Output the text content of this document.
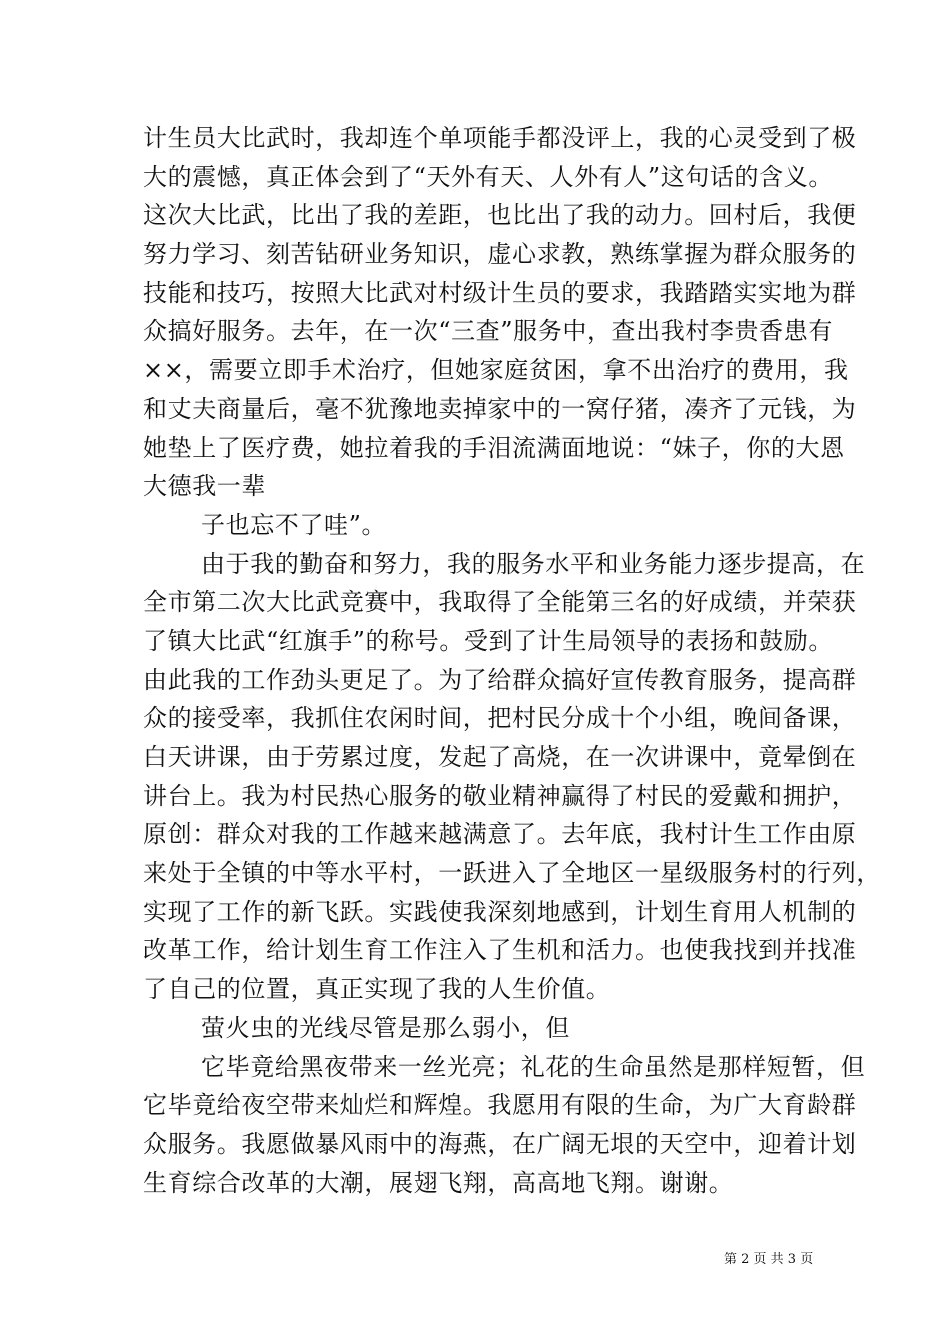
计生员大比武时，我却连个单项能手都没评上，我的心灵受到了极
大的震憾，真正体会到了“天外有天、人外有人”这句话的含义。
这次大比武，比出了我的差距，也比出了我的动力。回村后，我便
努力学习、刻苦钻研业务知识，虚心求教，熟练掌握为群众服务的
技能和技巧，按照大比武对村级计生员的要求，我踏踏实实地为群
众搞好服务。去年，在一次“三查”服务中，查出我村李贵香患有
××，需要立即手术治疗，但她家庭贫困，拿不出治疗的费用，我
和丈夫商量后，毫不犹豫地卖掉家中的一窝仔猪，凑齐了元钱，为
她垫上了医疗费，她拉着我的手泪流满面地说：“妹子，你的大恩
大德我一辈
子也忘不了哇”。
由于我的勤奋和努力，我的服务水平和业务能力逐步提高，在
全市第二次大比武竞赛中，我取得了全能第三名的好成绩，并荣获
了镇大比武“红旗手”的称号。受到了计生局领导的表扬和鼓励。
由此我的工作劲头更足了。为了给群众搞好宣传教育服务，提高群
众的接受率，我抓住农闲时间，把村民分成十个小组，晚间备课，
白天讲课，由于劳累过度，发起了高烧，在一次讲课中，竟晕倒在
讲台上。我为村民热心服务的敬业精神赢得了村民的爱戴和拥护，
原创：群众对我的工作越来越满意了。去年底，我村计生工作由原
来处于全镇的中等水平村，一跃进入了全地区一星级服务村的行列，
实现了工作的新飞跃。实践使我深刻地感到，计划生育用人机制的
改革工作，给计划生育工作注入了生机和活力。也使我找到并找准
了自己的位置，真正实现了我的人生价值。
萤火虫的光线尽管是那么弱小，但
它毕竟给黑夜带来一丝光亮；礼花的生命虽然是那样短暂，但
它毕竟给夜空带来灿烂和辉煌。我愿用有限的生命，为广大育龄群
众服务。我愿做暴风雨中的海燕，在广阔无垠的天空中，迎着计划
生育综合改革的大潮，展翅飞翔，高高地飞翔。谢谢。
第 2 页 共 3 页
